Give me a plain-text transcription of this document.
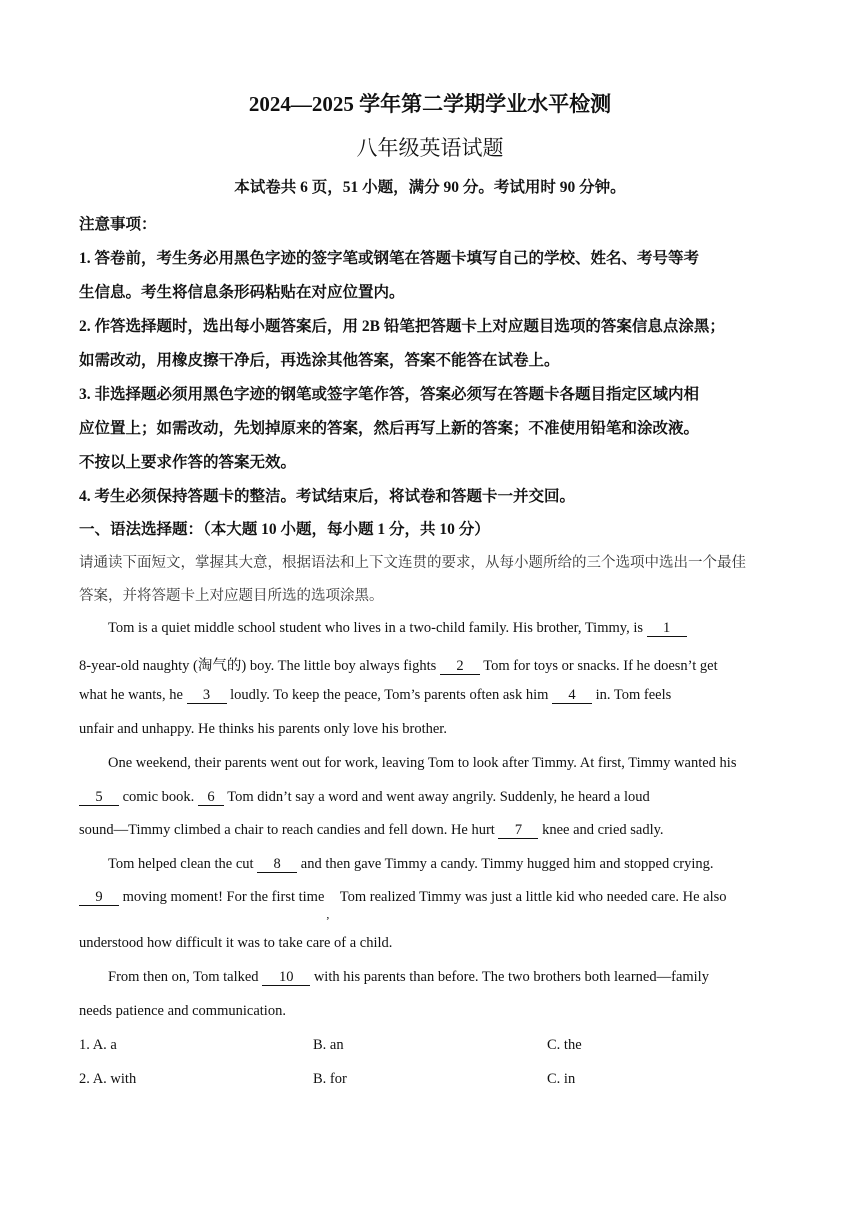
2024—2025 学年第二学期学业水平检测
八年级英语试题
本试卷共 6 页，51 小题，满分 90 分。考试用时 90 分钟。
注意事项：
1. 答卷前，考生务必用黑色字迹的签字笔或钢笔在答题卡填写自己的学校、姓名、考号等考
生信息。考生将信息条形码粘贴在对应位置内。
2. 作答选择题时，选出每小题答案后，用 2B 铅笔把答题卡上对应题目选项的答案信息点涂黑；
如需改动，用橡皮擦干净后，再选涂其他答案，答案不能答在试卷上。
3. 非选择题必须用黑色字迹的钢笔或签字笔作答，答案必须写在答题卡各题目指定区域内相
应位置上；如需改动，先划掉原来的答案，然后再写上新的答案；不准使用铅笔和涂改液。
不按以上要求作答的答案无效。
4. 考生必须保持答题卡的整洁。考试结束后，将试卷和答题卡一并交回。
一、语法选择题：（本大题 10 小题，每小题 1 分，共 10 分）
请通读下面短文，掌握其大意，根据语法和上下文连贯的要求，从每小题所给的三个选项中选出一个最佳
答案，并将答题卡上对应题目所选的选项涂黑。
Tom is a quiet middle school student who lives in a two-child family. His brother, Timmy, is 1
8-year-old naughty (淘气的) boy. The little boy always fights 2 Tom for toys or snacks. If he doesn’t get
what he wants, he 3 loudly. To keep the peace, Tom’s parents often ask him 4 in. Tom feels
unfair and unhappy. He thinks his parents only love his brother.
One weekend, their parents went out for work, leaving Tom to look after Timmy. At first, Timmy wanted his
5 comic book. 6 Tom didn’t say a word and went away angrily. Suddenly, he heard a loud
sound—Timmy climbed a chair to reach candies and fell down. He hurt 7 knee and cried sadly.
Tom helped clean the cut 8 and then gave Timmy a candy. Timmy hugged him and stopped crying.
9 moving moment! For the first time
,
Tom realized Timmy was just a little kid who needed care. He also
understood how difficult it was to take care of a child.
From then on, Tom talked 10 with his parents than before. The two brothers both learned—family
needs patience and communication.
1. A. a	B. an	C. the
2. A. with	B. for	C. in
